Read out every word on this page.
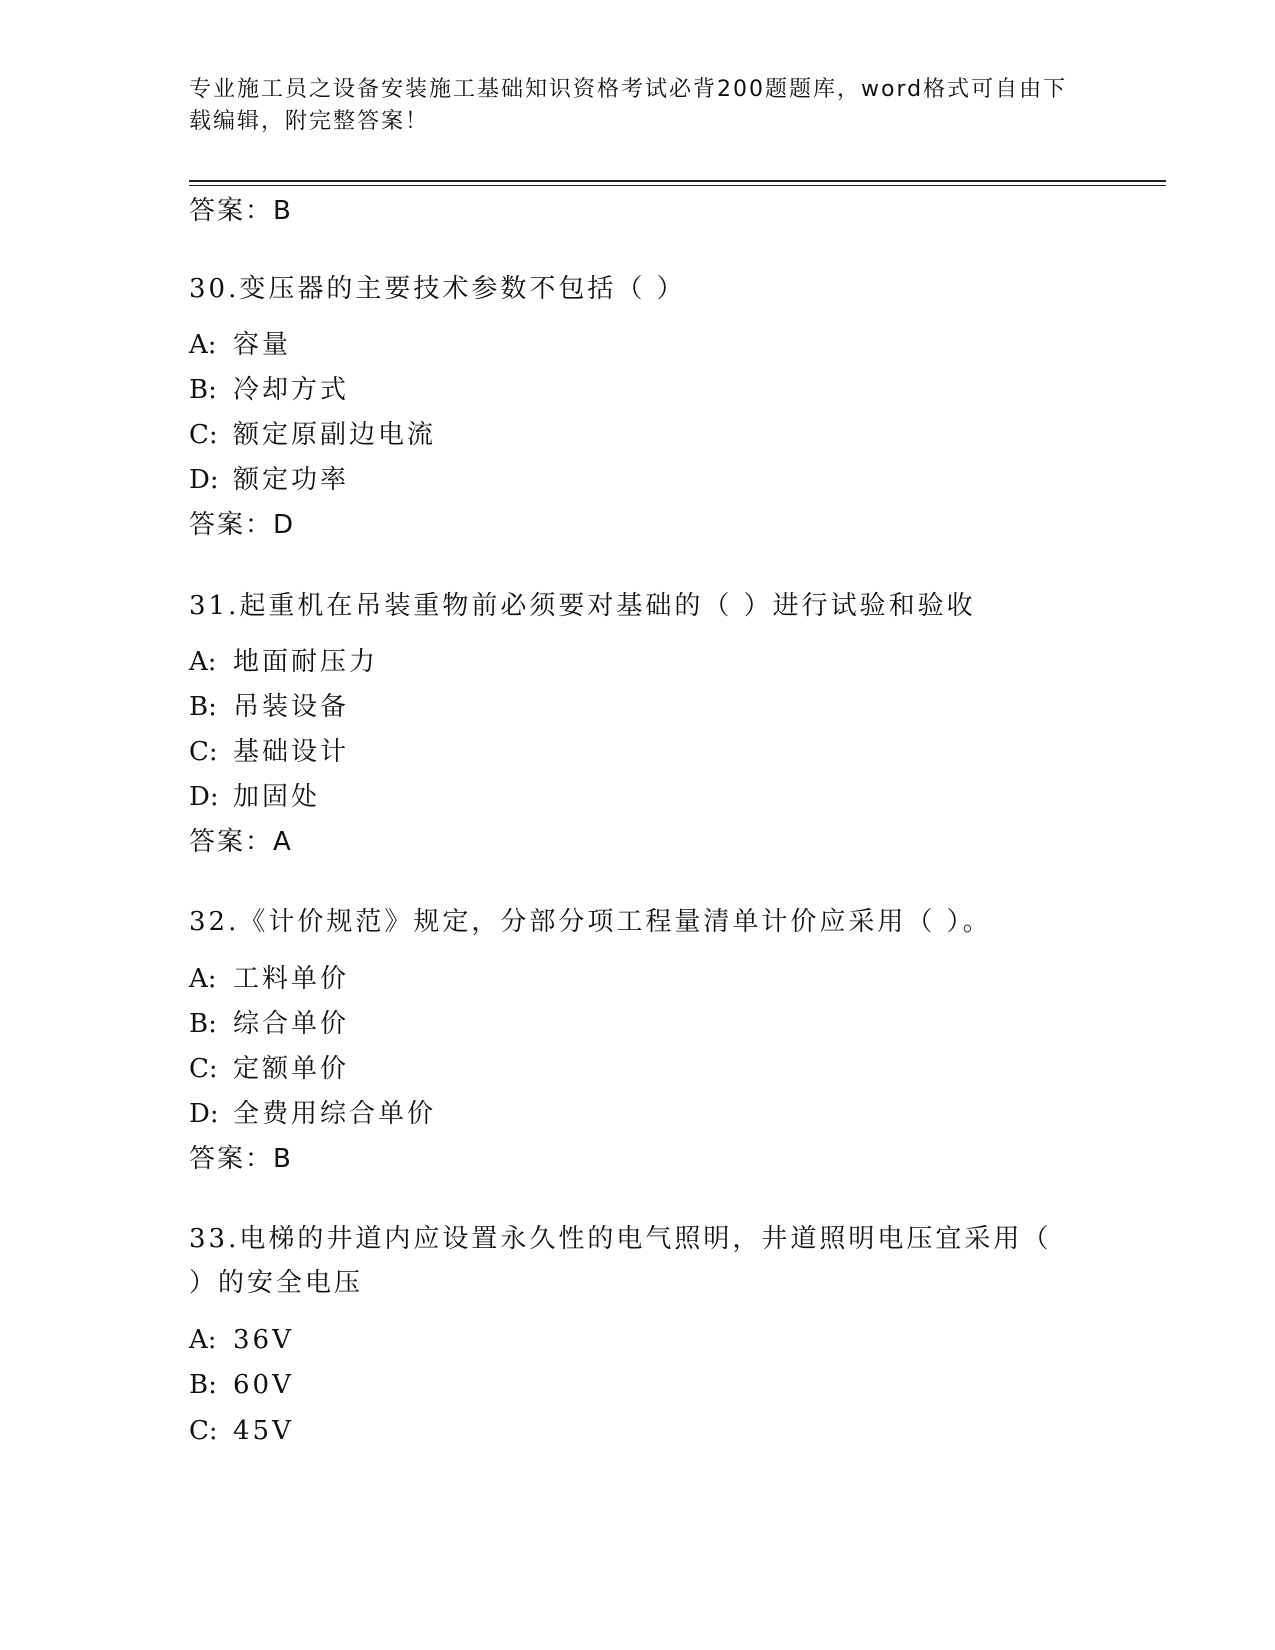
专业施工员之设备安装施工基础知识资格考试必背200题题库，word格式可自由下载编辑，附完整答案！
答案：B
30.变压器的主要技术参数不包括（ ）
A: 容量
B: 冷却方式
C: 额定原副边电流
D: 额定功率
答案：D
31.起重机在吊装重物前必须要对基础的（ ）进行试验和验收
A: 地面耐压力
B: 吊装设备
C: 基础设计
D: 加固处
答案：A
32.《计价规范》规定，分部分项工程量清单计价应采用（ ）。
A: 工料单价
B: 综合单价
C: 定额单价
D: 全费用综合单价
答案：B
33.电梯的井道内应设置永久性的电气照明，井道照明电压宜采用（ ）的安全电压
A: 36V
B: 60V
C: 45V
